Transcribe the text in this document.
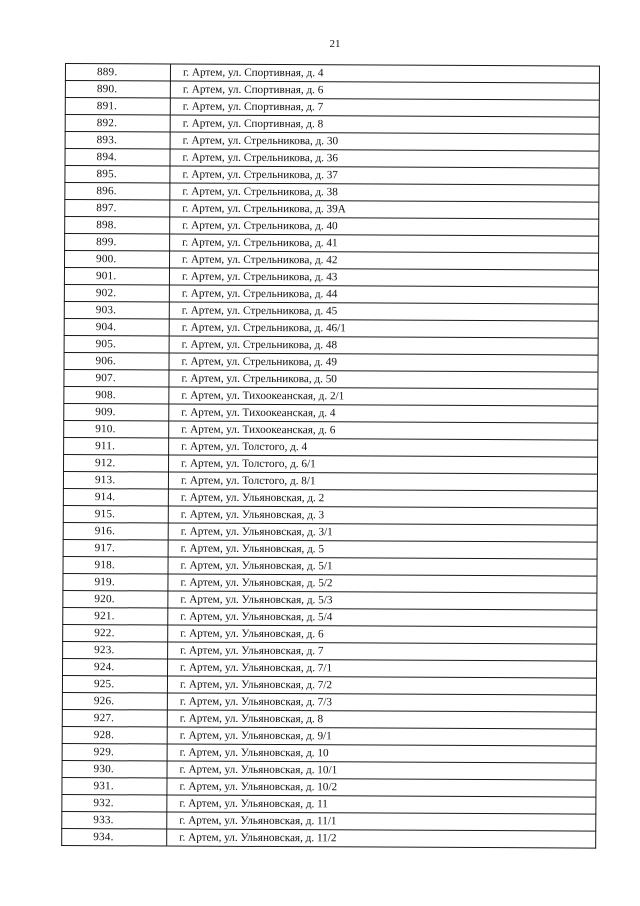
21
889.	г. Артем, ул. Спортивная, д. 4
890.	г. Артем, ул. Спортивная, д. 6
891.	г. Артем, ул. Спортивная, д. 7
892.	г. Артем, ул. Спортивная, д. 8
893.	г. Артем, ул. Стрельникова, д. 30
894.	г. Артем, ул. Стрельникова, д. 36
895.	г. Артем, ул. Стрельникова, д. 37
896.	г. Артем, ул. Стрельникова, д. 38
897.	г. Артем, ул. Стрельникова, д. 39А
898.	г. Артем, ул. Стрельникова, д. 40
899.	г. Артем, ул. Стрельникова, д. 41
900.	г. Артем, ул. Стрельникова, д. 42
901.	г. Артем, ул. Стрельникова, д. 43
902.	г. Артем, ул. Стрельникова, д. 44
903.	г. Артем, ул. Стрельникова, д. 45
904.	г. Артем, ул. Стрельникова, д. 46/1
905.	г. Артем, ул. Стрельникова, д. 48
906.	г. Артем, ул. Стрельникова, д. 49
907.	г. Артем, ул. Стрельникова, д. 50
908.	г. Артем, ул. Тихоокеанская, д. 2/1
909.	г. Артем, ул. Тихоокеанская, д. 4
910.	г. Артем, ул. Тихоокеанская, д. 6
911.	г. Артем, ул. Толстого, д. 4
912.	г. Артем, ул. Толстого, д. 6/1
913.	г. Артем, ул. Толстого, д. 8/1
914.	г. Артем, ул. Ульяновская, д. 2
915.	г. Артем, ул. Ульяновская, д. 3
916.	г. Артем, ул. Ульяновская, д. 3/1
917.	г. Артем, ул. Ульяновская, д. 5
918.	г. Артем, ул. Ульяновская, д. 5/1
919.	г. Артем, ул. Ульяновская, д. 5/2
920.	г. Артем, ул. Ульяновская, д. 5/3
921.	г. Артем, ул. Ульяновская, д. 5/4
922.	г. Артем, ул. Ульяновская, д. 6
923.	г. Артем, ул. Ульяновская, д. 7
924.	г. Артем, ул. Ульяновская, д. 7/1
925.	г. Артем, ул. Ульяновская, д. 7/2
926.	г. Артем, ул. Ульяновская, д. 7/3
927.	г. Артем, ул. Ульяновская, д. 8
928.	г. Артем, ул. Ульяновская, д. 9/1
929.	г. Артем, ул. Ульяновская, д. 10
930.	г. Артем, ул. Ульяновская, д. 10/1
931.	г. Артем, ул. Ульяновская, д. 10/2
932.	г. Артем, ул. Ульяновская, д. 11
933.	г. Артем, ул. Ульяновская, д. 11/1
934.	г. Артем, ул. Ульяновская, д. 11/2
